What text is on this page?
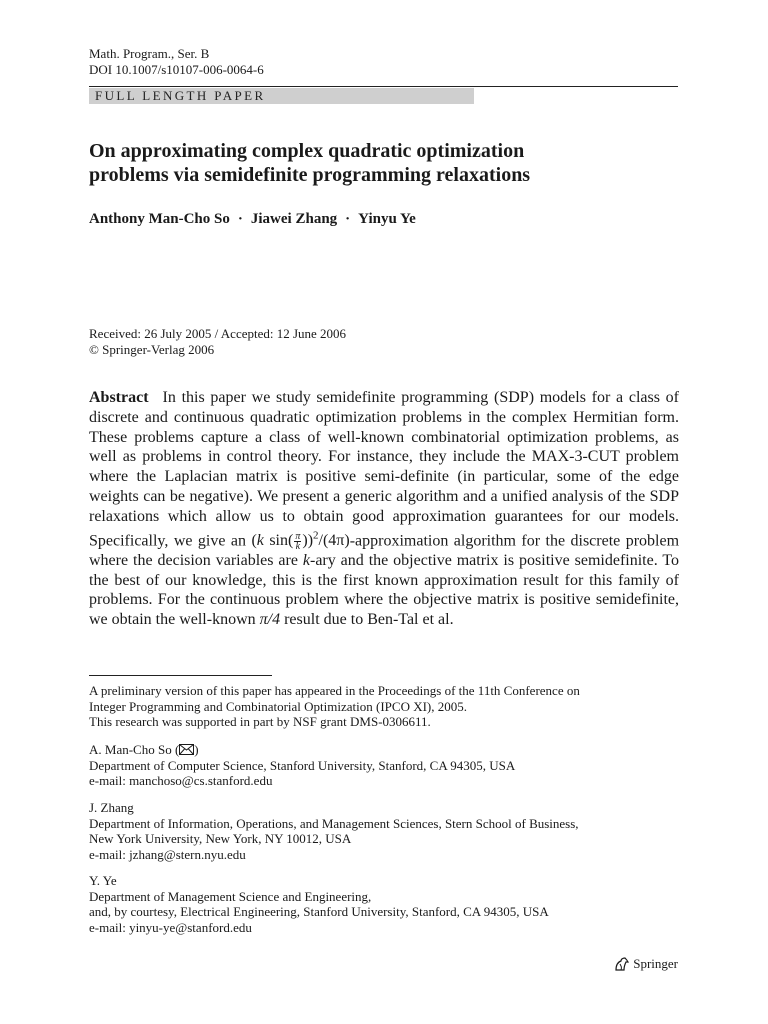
Math. Program., Ser. B
DOI 10.1007/s10107-006-0064-6
FULL LENGTH PAPER
On approximating complex quadratic optimization
problems via semidefinite programming relaxations
Anthony Man-Cho So · Jiawei Zhang · Yinyu Ye
Received: 26 July 2005 / Accepted: 12 June 2006
© Springer-Verlag 2006

Abstract In this paper we study semidefinite programming (SDP) models for a class of discrete and continuous quadratic optimization problems in the complex Hermitian form. These problems capture a class of well-known combinatorial optimization problems, as well as problems in control theory. For instance, they include the MAX-3-CUT problem where the Laplacian matrix is positive semi-definite (in particular, some of the edge weights can be negative). We present a generic algorithm and a unified analysis of the SDP relaxations which allow us to obtain good approximation guarantees for our models. Specifically, we give an (k $\sin( \frac{\pi}{k}$ ))$^2$/(4π)-approximation algorithm for the discrete problem where the decision variables are k-ary and the objective matrix is positive semidefinite. To the best of our knowledge, this is the first known approximation result for this family of problems. For the continuous problem where the objective matrix is positive semidefinite, we obtain the well-known π/4 result due to Ben-Tal et al.

A preliminary version of this paper has appeared in the Proceedings of the 11th Conference on
Integer Programming and Combinatorial Optimization (IPCO XI), 2005.
This research was supported in part by NSF grant DMS-0306611.
A. Man-Cho So ( )
Department of Computer Science, Stanford University, Stanford, CA 94305, USA
e-mail: manchoso@cs.stanford.edu
J. Zhang
Department of Information, Operations, and Management Sciences, Stern School of Business,
New York University, New York, NY 10012, USA
e-mail: jzhang@stern.nyu.edu
Y. Ye
Department of Management Science and Engineering,
and, by courtesy, Electrical Engineering, Stanford University, Stanford, CA 94305, USA
e-mail: yinyu-ye@stanford.edu
Springer
